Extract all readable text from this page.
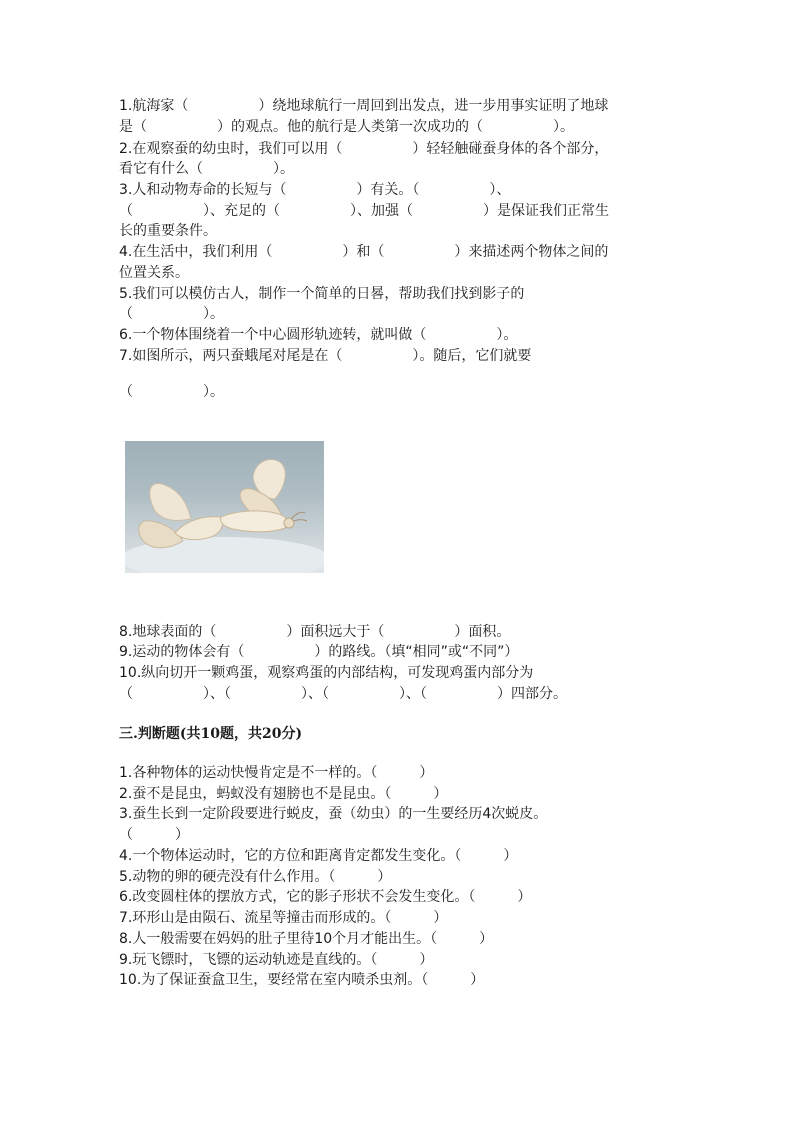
1.航海家（　　　　　）绕地球航行一周回到出发点，进一步用事实证明了地球

是（　　　　　）的观点。他的航行是人类第一次成功的（　　　　　）。

2.在观察蚕的幼虫时，我们可以用（　　　　　）轻轻触碰蚕身体的各个部分，

看它有什么（　　　　　）。

3.人和动物寿命的长短与（　　　　　）有关。（　　　　　）、

（　　　　　）、充足的（　　　　　）、加强（　　　　　）是保证我们正常生

长的重要条件。

4.在生活中，我们利用（　　　　　）和（　　　　　）来描述两个物体之间的

位置关系。

5.我们可以模仿古人，制作一个简单的日晷，帮助我们找到影子的

（　　　　　）。

6.一个物体围绕着一个中心圆形轨迹转，就叫做（　　　　　）。

7.如图所示，两只蚕蛾尾对尾是在（　　　　　）。随后，它们就要

（　　　　　）。

8.地球表面的（　　　　　）面积远大于（　　　　　）面积。

9.运动的物体会有（　　　　　）的路线。（填“相同”或“不同”）

10.纵向切开一颗鸡蛋，观察鸡蛋的内部结构，可发现鸡蛋内部分为

（　　　　　）、（　　　　　）、（　　　　　）、（　　　　　）四部分。

三.判断题(共10题，共20分)

1.各种物体的运动快慢肯定是不一样的。（　　　）

2.蚕不是昆虫，蚂蚁没有翅膀也不是昆虫。（　　　）

3.蚕生长到一定阶段要进行蜕皮，蚕（幼虫）的一生要经历4次蜕皮。

（　　　）

4.一个物体运动时，它的方位和距离肯定都发生变化。（　　　）

5.动物的卵的硬壳没有什么作用。（　　　）

6.改变圆柱体的摆放方式，它的影子形状不会发生变化。（　　　）

7.环形山是由陨石、流星等撞击而形成的。（　　　）

8.人一般需要在妈妈的肚子里待10个月才能出生。（　　　）

9.玩飞镖时，飞镖的运动轨迹是直线的。（　　　）

10.为了保证蚕盒卫生，要经常在室内喷杀虫剂。（　　　）
